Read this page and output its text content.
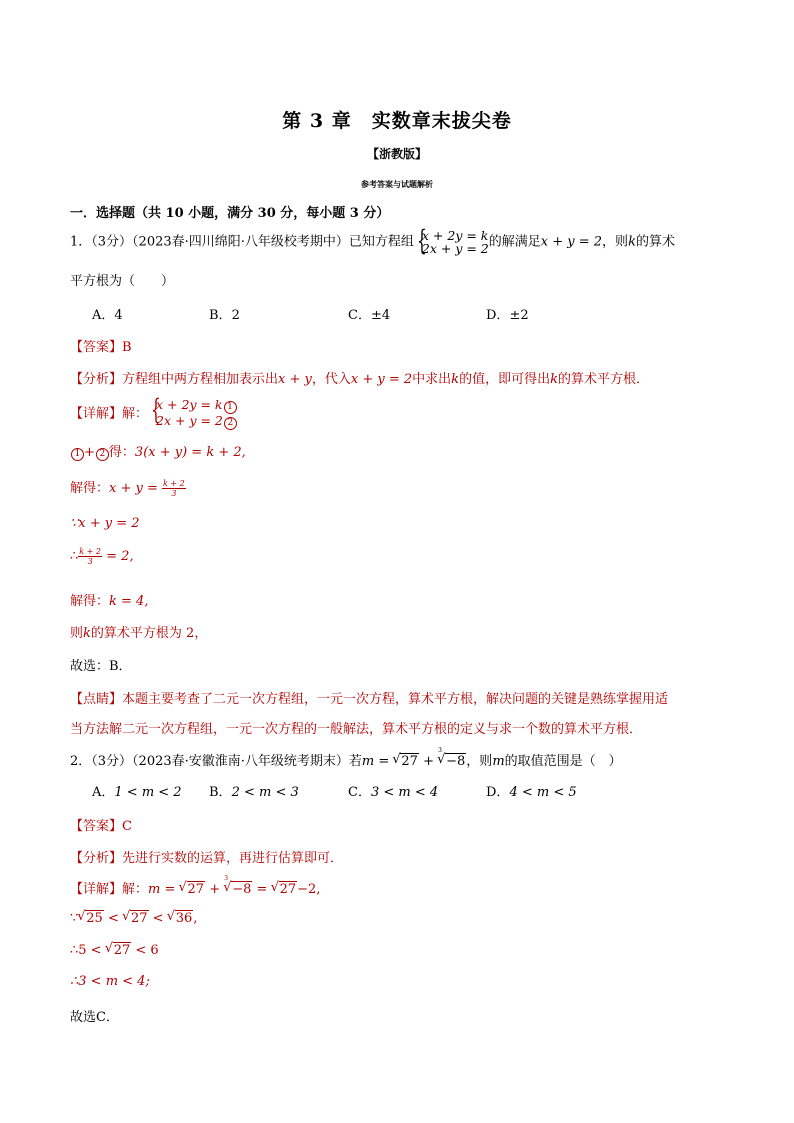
第 3 章　实数章末拔尖卷
【浙教版】
参考答案与试题解析
一．选择题（共 10 小题，满分 30 分，每小题 3 分）
1．（3分）（2023春·四川绵阳·八年级校考期中）已知方程组 { x + 2y = k
2x + y = 2 的解满足x + y = 2，则k的算术
平方根为（　　）
A．4	B．2	C．±4	D．±2
【答案】B
【分析】方程组中两方程相加表示出x + y，代入x + y = 2中求出k的值，即可得出k的算术平方根．
【详解】解：
{ x + 2y = k 1
2x + y = 2 2
1 + 2 得：3(x + y) = k + 2,
解得：$x + y = \frac{k + 2}{3}$
∵x + y = 2
∴ $\frac{k + 2}{3} = 2$,
解得：k = 4,
则k的算术平方根为 2，
故选：B．
【点睛】本题主要考查了二元一次方程组，一元一次方程，算术平方根，解决问题的关键是熟练掌握用适
当方法解二元一次方程组，一元一次方程的一般解法，算术平方根的定义与求一个数的算术平方根．
2．（3分）（2023春·安徽淮南·八年级统考期末）若m = √ 27 +
3
√ −8，则m的取值范围是（　）
A．1 < m < 2 B．2 < m < 3	C．3 < m < 4	D．4 < m < 5
【答案】C
【分析】先进行实数的运算，再进行估算即可．
【详解】解：m = √ 27 +
3
√ −8 = √ 27−2,
∵ √ 25 < √ 27 < √ 36,
∴5 < √ 27 < 6
∴3 < m < 4;
故选C．
